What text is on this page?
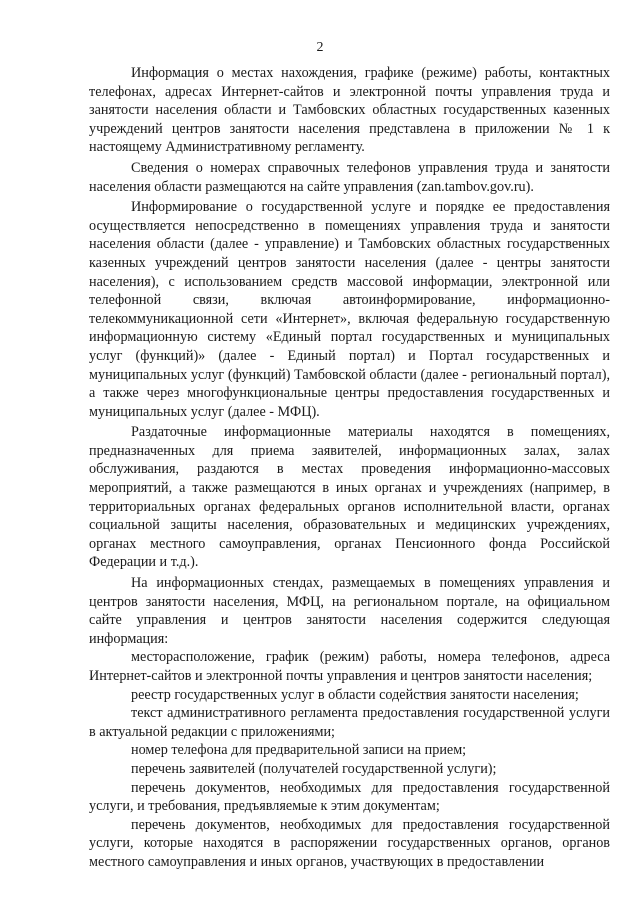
2

Информация о местах нахождения, графике (режиме) работы, контактных телефонах, адресах Интернет-сайтов и электронной почты управления труда и занятости населения области и Тамбовских областных государственных казенных учреждений центров занятости населения представлена в приложении № 1 к настоящему Административному регламенту.

Сведения о номерах справочных телефонов управления труда и занятости населения области размещаются на сайте управления (zan.tambov.gov.ru).

Информирование о государственной услуге и порядке ее предоставления осуществляется непосредственно в помещениях управления труда и занятости населения области (далее - управление) и Тамбовских областных государственных казенных учреждений центров занятости населения (далее - центры занятости населения), с использованием средств массовой информации, электронной или телефонной связи, включая автоинформирование, информационно-телекоммуникационной сети «Интернет», включая федеральную государственную информационную систему «Единый портал государственных и муниципальных услуг (функций)» (далее - Единый портал) и Портал государственных и муниципальных услуг (функций) Тамбовской области (далее - региональный портал), а также через многофункциональные центры предоставления государственных и муниципальных услуг (далее - МФЦ).

Раздаточные информационные материалы находятся в помещениях, предназначенных для приема заявителей, информационных залах, залах обслуживания, раздаются в местах проведения информационно-массовых мероприятий, а также размещаются в иных органах и учреждениях (например, в территориальных органах федеральных органов исполнительной власти, органах социальной защиты населения, образовательных и медицинских учреждениях, органах местного самоуправления, органах Пенсионного фонда Российской Федерации и т.д.).

На информационных стендах, размещаемых в помещениях управления и центров занятости населения, МФЦ, на региональном портале, на официальном сайте управления и центров занятости населения содержится следующая информация:

месторасположение, график (режим) работы, номера телефонов, адреса Интернет-сайтов и электронной почты управления и центров занятости населения;

реестр государственных услуг в области содействия занятости населения;

текст административного регламента предоставления государственной услуги в актуальной редакции с приложениями;

номер телефона для предварительной записи на прием;

перечень заявителей (получателей государственной услуги);

перечень документов, необходимых для предоставления государственной услуги, и требования, предъявляемые к этим документам;

перечень документов, необходимых для предоставления государственной услуги, которые находятся в распоряжении государственных органов, органов местного самоуправления и иных органов, участвующих в предоставлении
